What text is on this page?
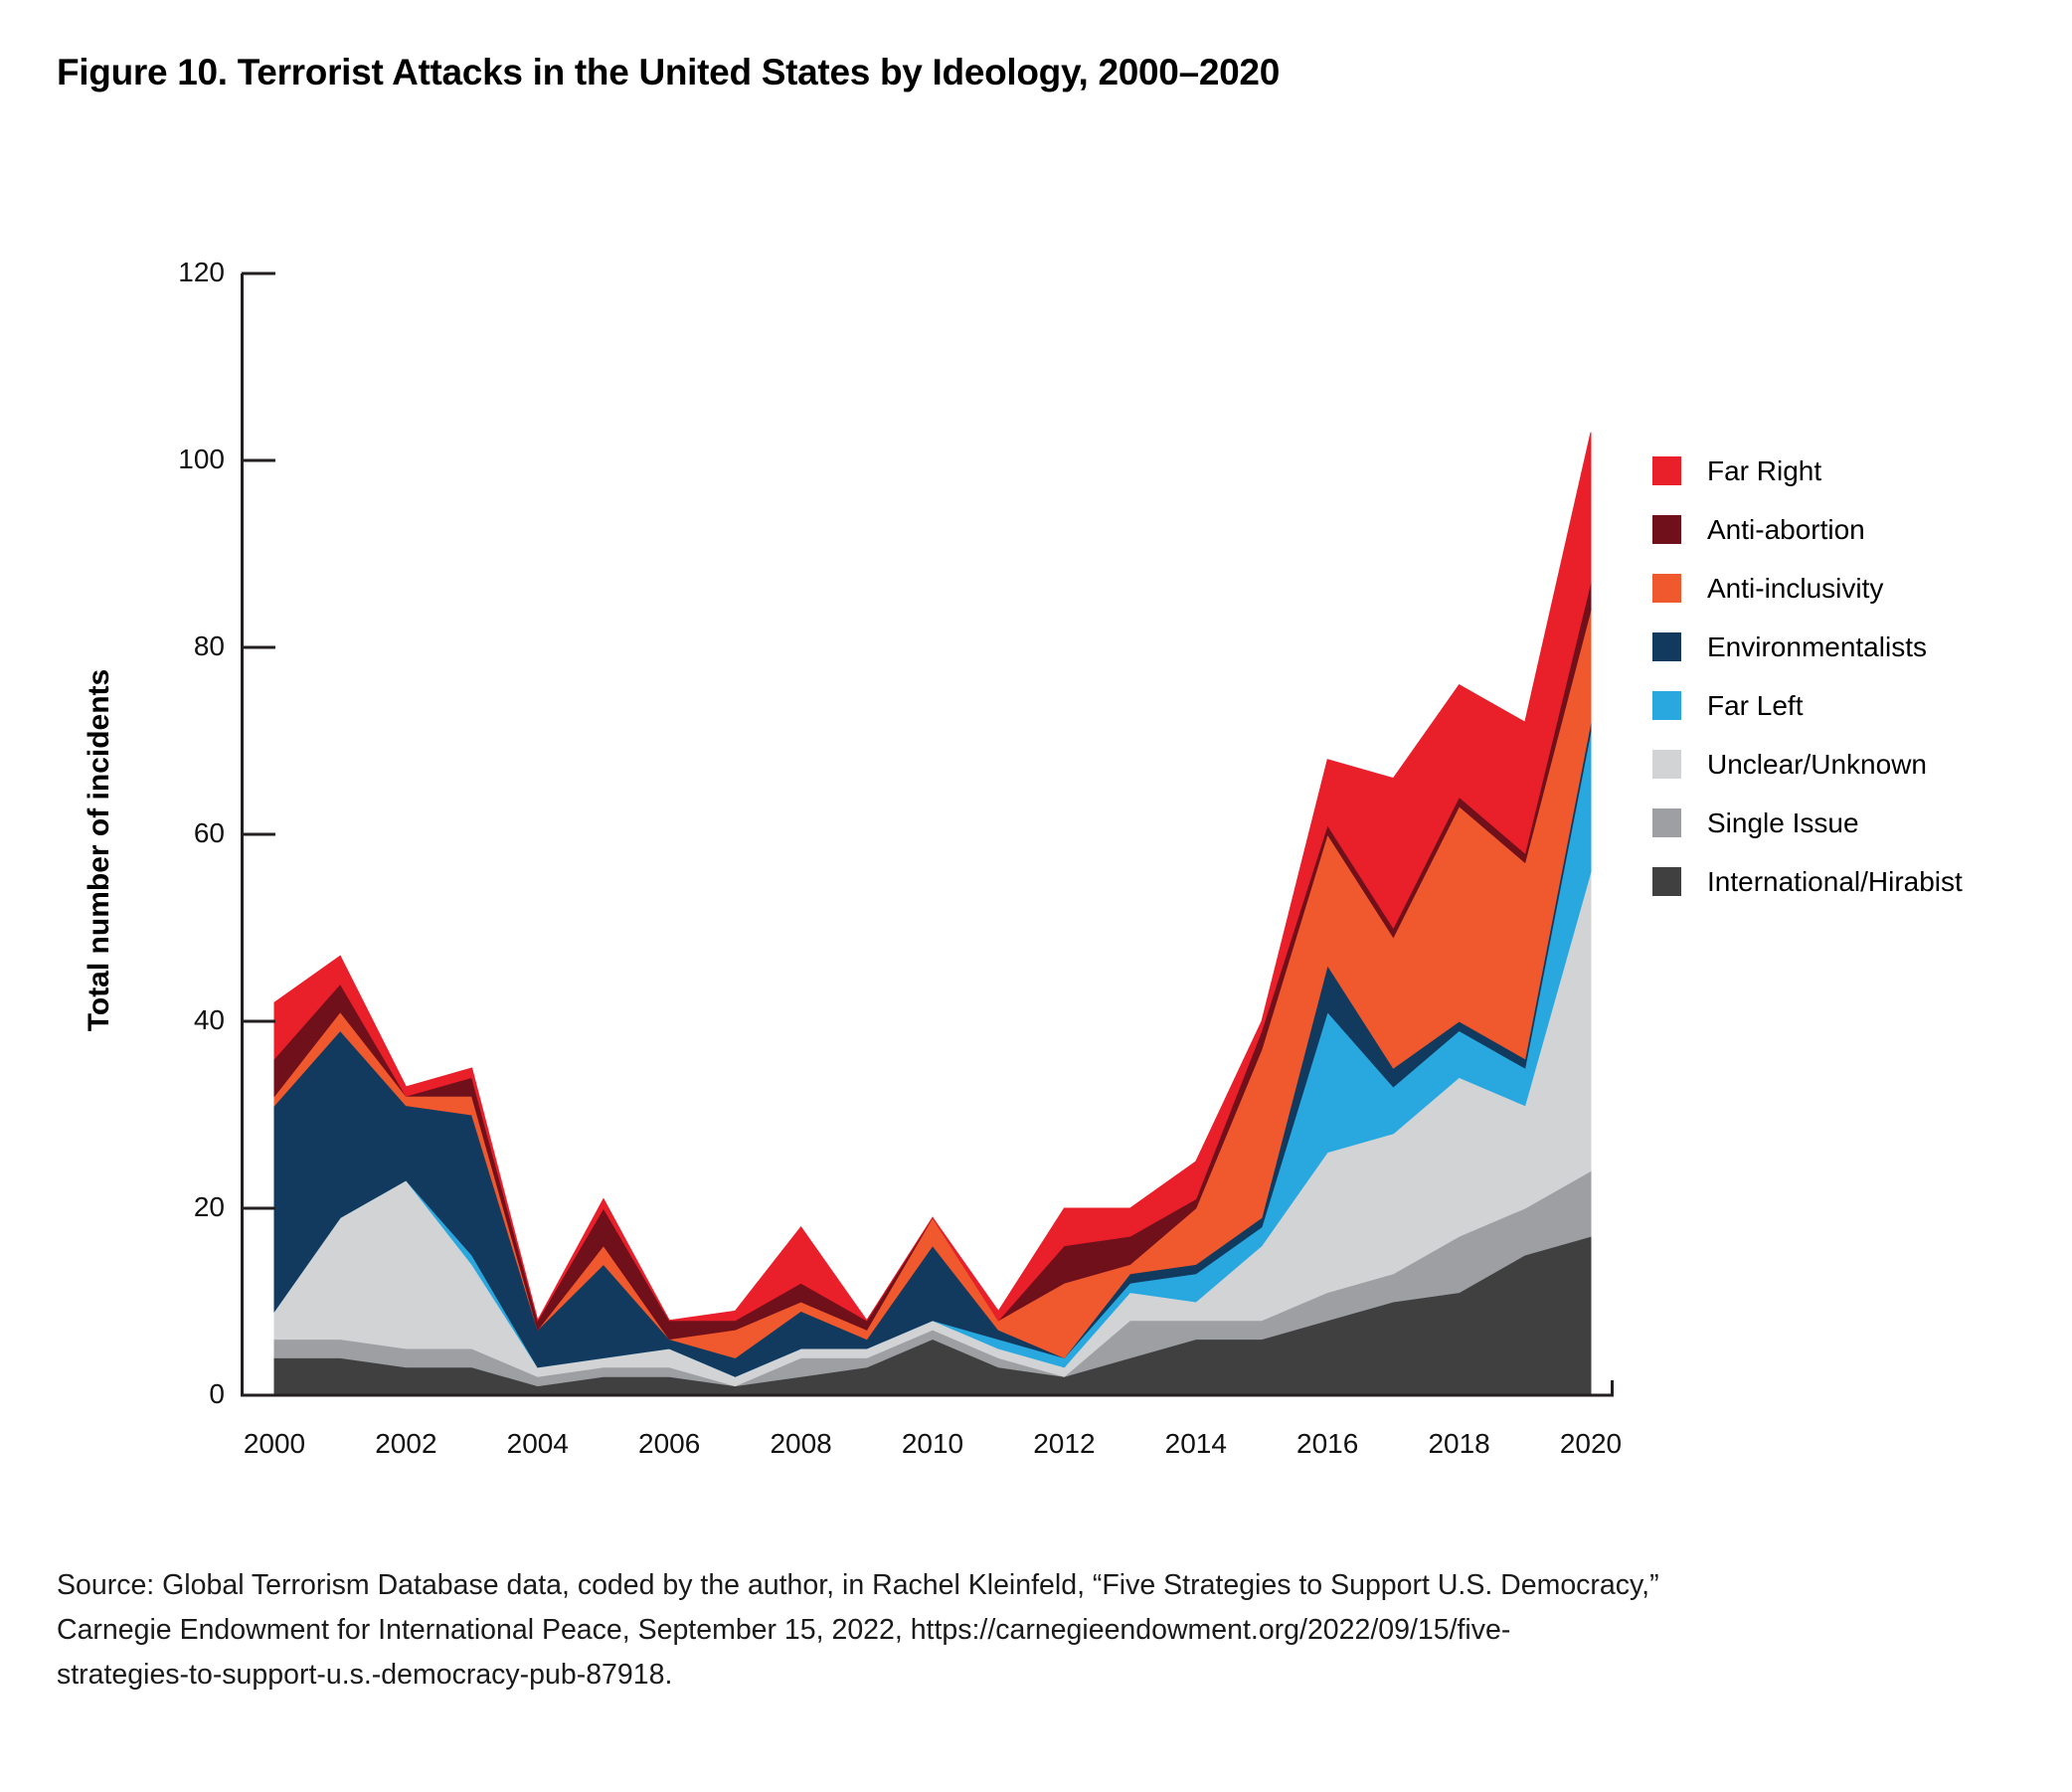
Figure 10. Terrorist Attacks in the United States by Ideology, 2000–2020
Total number of incidents
0
20
40
60
80
100
120
2000	2002	2004	2006	2008	2010	2012	2014	2016	2018	2020
Far Right
Anti-abortion
Anti-inclusivity
Environmentalists
Far Left
Unclear/Unknown
Single Issue
International/Hirabist
Source: Global Terrorism Database data, coded by the author, in Rachel Kleinfeld, “Five Strategies to Support U.S. Democracy,”
Carnegie Endowment for International Peace, September 15, 2022, https://carnegieendowment.org/2022/09/15/five-
strategies-to-support-u.s.-democracy-pub-87918.
